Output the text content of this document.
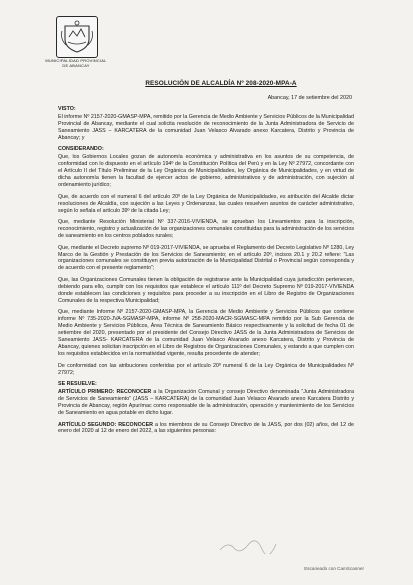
MUNICIPALIDAD PROVINCIAL
DE ABANCAY
RESOLUCIÓN DE ALCALDÍA Nº 208-2020-MPA-A
Abancay, 17 de setiembre del 2020

VISTO:

El informe Nº 2157-2020-GMASP-MPA, remitido por la Gerencia de Medio Ambiente y Servicios Públicos de la Municipalidad Provincial de Abancay, mediante el cual solicita resolución de reconocimiento de la Junta Administradora de Servicio de Saneamiento JASS – KARCATERA de la comunidad Juan Velasco Alvarado anexo Karcatera, Distrito y Provincia de Abancay; y

CONSIDERANDO:

Que, los Gobiernos Locales gozan de autonomía económica y administrativa en los asuntos de su competencia, de conformidad con lo dispuesto en el artículo 194º de la Constitución Política del Perú y en la Ley Nº 27972, concordante con el Artículo II del Título Preliminar de la Ley Orgánica de Municipalidades, ley Orgánica de Municipalidades, y en virtud de dicha autonomía tienen la facultad de ejercer actos de gobierno, administrativos y de administración, con sujeción al ordenamiento jurídico;

Que, de acuerdo con el numeral 6 del artículo 20º de la Ley Orgánica de Municipalidades, es atribución del Alcalde dictar resoluciones de Alcaldía, con sujeción a las Leyes y Ordenanzas, las cuales resuelven asuntos de carácter administrativo, según lo señala el artículo 39º de la citada Ley;

Que, mediante Resolución Ministerial Nº 337-2016-VIVIENDA, se aprueban los Lineamientos para la inscripción, reconocimiento, registro y actualización de las organizaciones comunales constituidas para la administración de los servicios de saneamiento en los centros poblados rurales;

Que, mediante el Decreto supremo Nº 019-2017-VIVIENDA, se aprueba el Reglamento del Decreto Legislativo Nº 1280, Ley Marco de la Gestión y Prestación de los Servicios de Saneamiento; en el artículo 20º, incisos 20.1 y 20.2 refiere: “Las organizaciones comunales se constituyen previa autorización de la Municipalidad Distrital o Provincial según corresponda y de acuerdo con el presente reglamento”;

Que, las Organizaciones Comunales tienen la obligación de registrarse ante la Municipalidad cuya jurisdicción pertenecen, debiendo para ello, cumplir con los requisitos que establece el artículo 111º del Decreto Supremo Nº 019-2017-VIVIENDA donde establecen las condiciones y requisitos para proceder a su inscripción en el Libro de Registro de Organizaciones Comunales de la respectiva Municipalidad;

Que, mediante Informe Nº 2157-2020-GMASP-MPA, la Gerencia de Medio Ambiente y Servicios Públicos que contiene informe Nº 735-2020-JVA-SGMASP-MPA, informe Nº 258-2020-MACR-SGMASC-MPA remitido por la Sub Gerencia de Medio Ambiente y Servicios Públicos, Área Técnica de Saneamiento Básico respectivamente y la solicitud de fecha 01 de setiembre del 2020, presentado por el presidente del Consejo Directivo JASS de la Junta Administradora de Servicios de Saneamiento JASS- KARCATERA de la comunidad Juan Velasco Alvarado anexo Karcatera, Distrito y Provincia de Abancay, quienes solicitan inscripción en el Libro de Registros de Organizaciones Comunales, y estando a que cumplen con los requisitos establecidos en la normatividad vigente, resulta procedente de atender;

De conformidad con las atribuciones conferidas por el artículo 20º numeral 6 de la Ley Orgánica de Municipalidades Nº 27972;

SE RESUELVE:

ARTÍCULO PRIMERO: RECONOCER a la Organización Comunal y consejo Directivo denominada “Junta Administradora de Servicios de Saneamiento” (JASS – KARCATERA) de la comunidad Juan Velasco Alvarado anexo Karcatera Distrito y Provincia de Abancay, región Apurímac como responsable de la administración, operación y mantenimiento de los Servicios de Saneamiento en agua potable en dicho lugar.

ARTÍCULO SEGUNDO: RECONOCER a los miembros de su Consejo Directivo de la JASS, por dos (02) años, del 12 de enero del 2020 al 12 de enero del 2022, a las siguientes personas:

Escaneado con CamScanner
